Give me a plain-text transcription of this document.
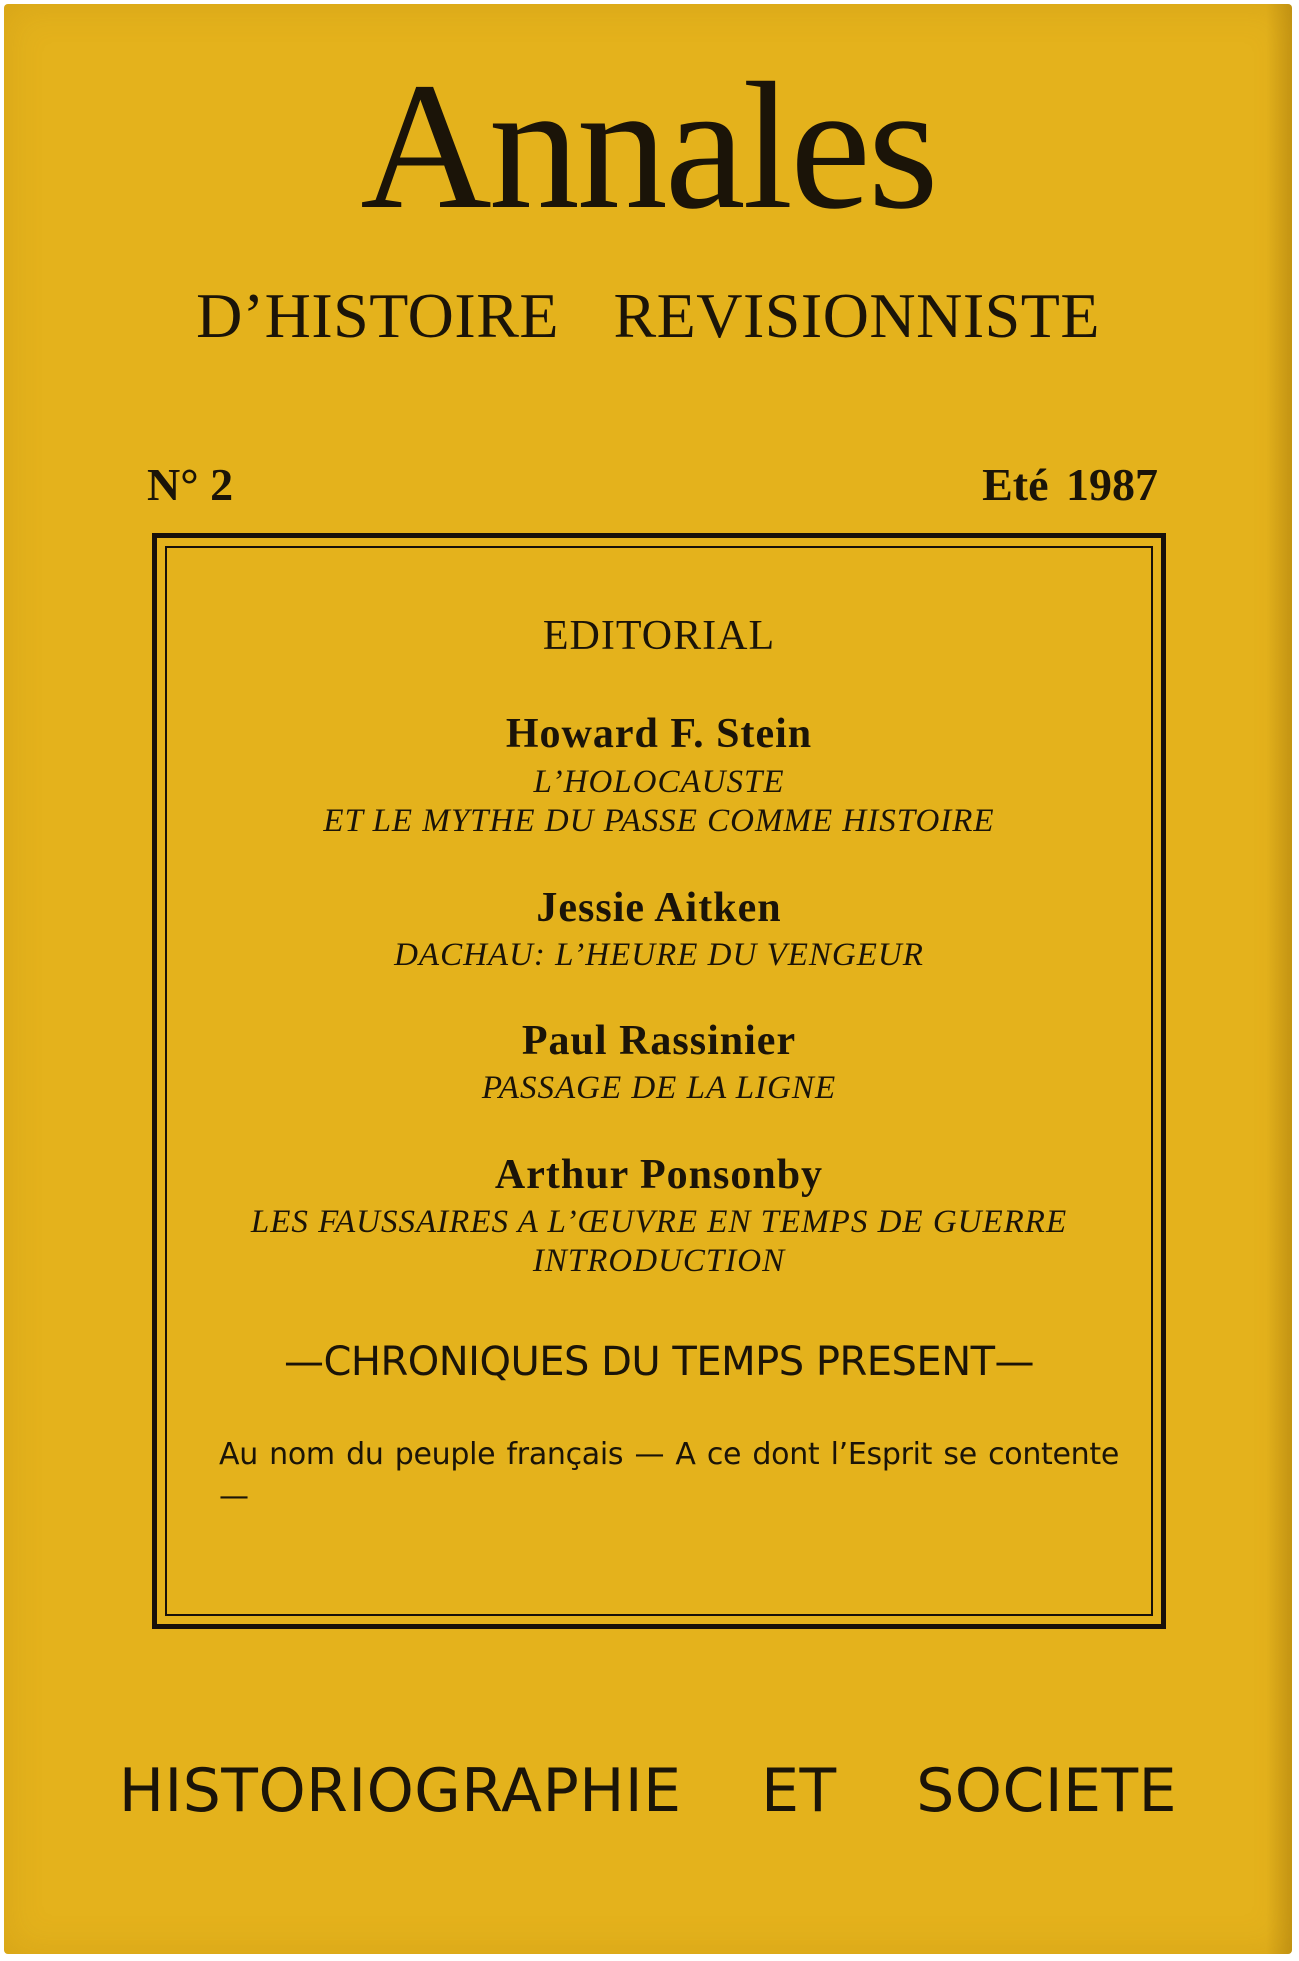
Annales
D’HISTOIRE REVISIONNISTE
N° 2	Eté 1987
EDITORIAL
Howard F. Stein
L’HOLOCAUSTE
ET LE MYTHE DU PASSE COMME HISTOIRE
Jessie Aitken
DACHAU: L’HEURE DU VENGEUR
Paul Rassinier
PASSAGE DE LA LIGNE
Arthur Ponsonby
LES FAUSSAIRES A L’ŒUVRE EN TEMPS DE GUERRE
INTRODUCTION
—CHRONIQUES DU TEMPS PRESENT—
Au nom du peuple français — A ce dont l’Esprit se contente —
HISTORIOGRAPHIE ET SOCIETE
